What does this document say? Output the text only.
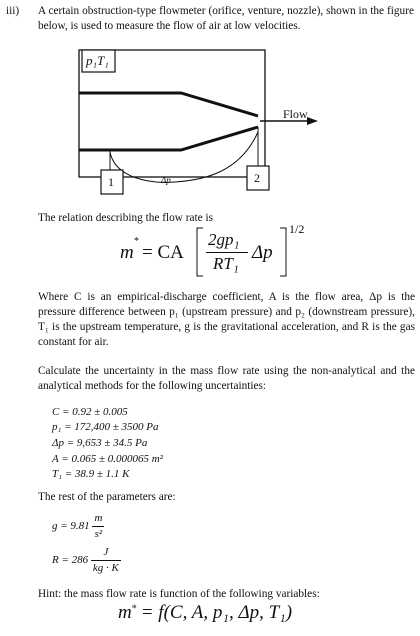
iii) A certain obstruction-type flowmeter (orifice, venture, nozzle), shown in the figure below, is used to measure the flow of air at low velocities.
p₁T₁
Flow
1	2
Δp
The relation describing the flow rate is
m
*
= CA
2gp₁
RT₁
Δp
1/2
Where C is an empirical-discharge coefficient, A is the flow area, Δp is the pressure difference between p₁ (upstream pressure) and p₂ (downstream pressure), T₁ is the upstream temperature, g is the gravitational acceleration, and R is the gas constant for air.
Calculate the uncertainty in the mass flow rate using the non-analytical and the analytical methods for the following uncertainties:
C = 0.92 ± 0.005
p₁ = 172,400 ± 3500 Pa
Δp = 9,653 ± 34.5 Pa
A = 0.065 ± 0.000065 m²
T₁ = 38.9 ± 1.1 K
The rest of the parameters are:
$g = 9.81 \frac{m}{\text{s²}}$
$R = 286 \frac{J}{kg \cdot K}$
Hint: the mass flow rate is function of the following variables:
m* = f(C, A, p₁, Δp, T₁)
